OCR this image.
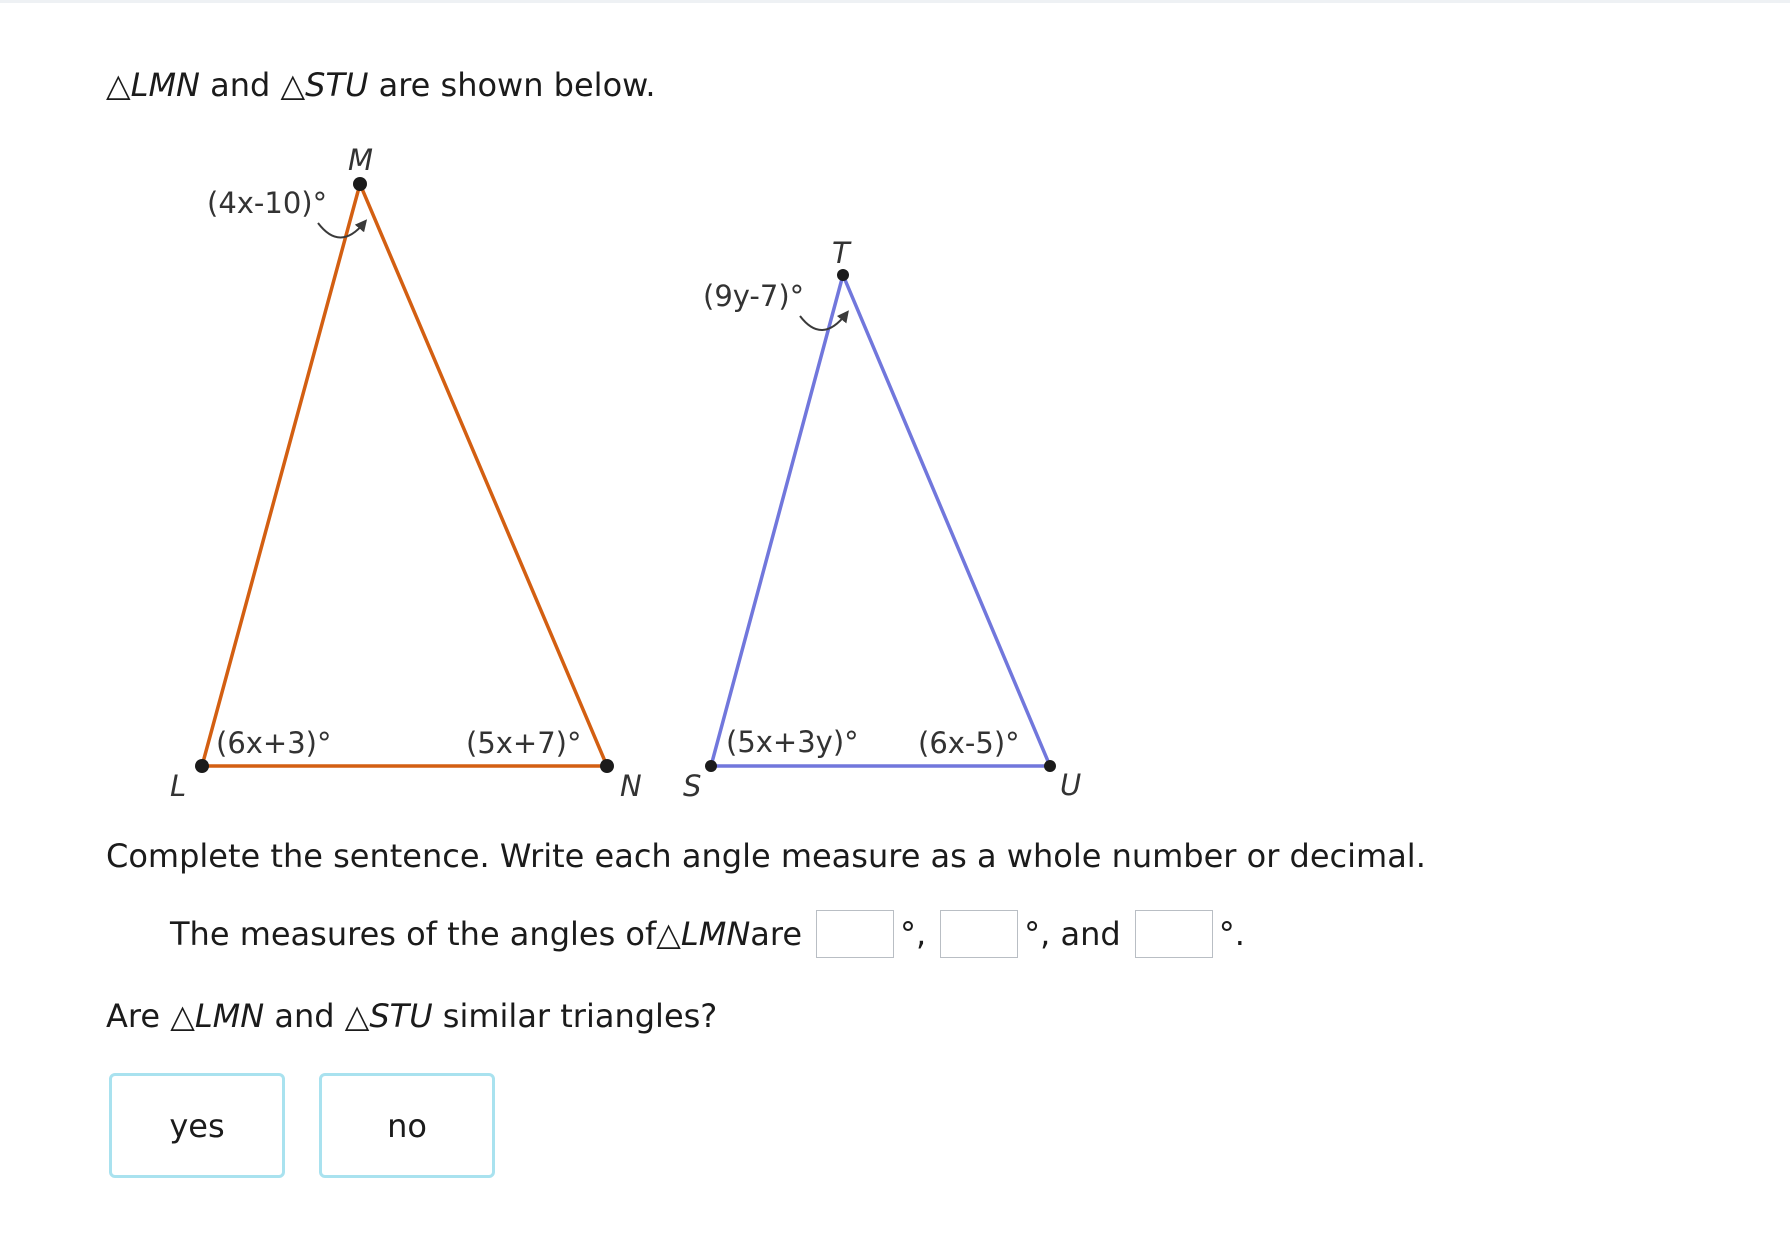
△LMN and △STU are shown below.
M
L	N
(4x-10)°
(6x+3)°	(5x+7)°
T
S	U
(9y-7)°
(5x+3y)° (6x-5)°
Complete the sentence. Write each angle measure as a whole number or decimal.
The measures of the angles of △LMN are	°,	°, and	°.
Are △LMN and △STU similar triangles?
yes	no
